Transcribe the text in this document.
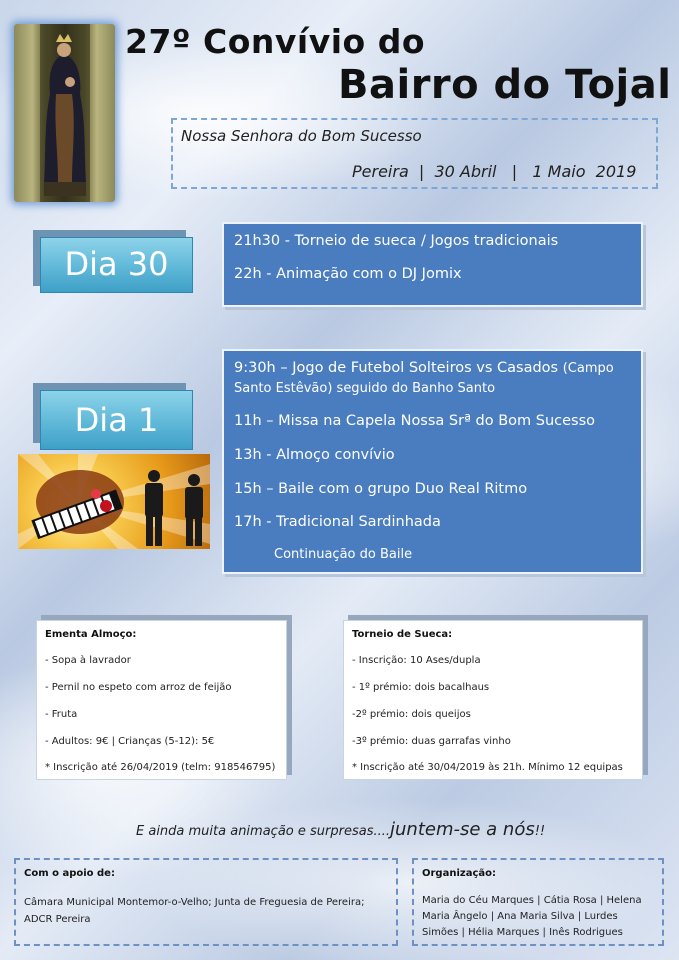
27º Convívio do
Bairro do Tojal
Nossa Senhora do Bom Sucesso
Pereira  |  30 Abril   |   1 Maio  2019
Dia 30
21h30 - Torneio de sueca / Jogos tradicionais
22h - Animação com o DJ Jomix
Dia 1
9:30h – Jogo de Futebol Solteiros vs Casados (Campo
Santo Estêvão) seguido do Banho Santo
11h – Missa na Capela Nossa Srª do Bom Sucesso
13h - Almoço convívio
15h – Baile com o grupo Duo Real Ritmo
17h - Tradicional Sardinhada
Continuação do Baile
Ementa Almoço:
- Sopa à lavrador
- Pernil no espeto com arroz de feijão
- Fruta
- Adultos: 9€ | Crianças (5-12): 5€
* Inscrição até 26/04/2019 (telm: 918546795)
Torneio de Sueca:
- Inscrição: 10 Ases/dupla
- 1º prémio: dois bacalhaus
-2º prémio: dois queijos
-3º prémio: duas garrafas vinho
* Inscrição até 30/04/2019 às 21h. Mínimo 12 equipas
E ainda muita animação e surpresas....juntem-se a nós!!
Com o apoio de:
Câmara Municipal Montemor-o-Velho; Junta de Freguesia de Pereira;
ADCR Pereira
Organização:
Maria do Céu Marques | Cátia Rosa | Helena
Maria Ângelo | Ana Maria Silva | Lurdes
Simões | Hélia Marques | Inês Rodrigues
